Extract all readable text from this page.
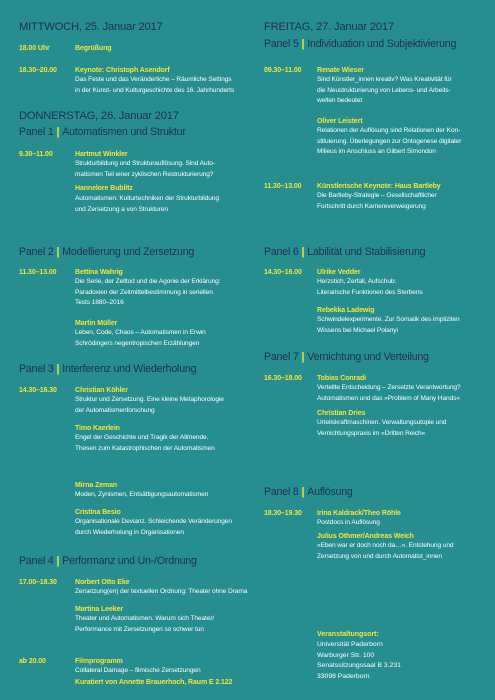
MITTWOCH, 25. Januar 2017
18.00 Uhr	Begrüßung
18.30–20.00	Keynote: Christoph Asendorf
Das Feste und das Veränderliche – Räumliche Settings
in der Kunst- und Kulturgeschichte des 16. Jahrhunderts
DONNERSTAG, 26. Januar 2017
Panel 1 | Automatismen und Struktur
9.30–11.00	Hartmut Winkler
Strukturbildung und Strukturauflösung. Sind Auto-
matismen Teil einer zyklischen Restrukturierung?
Hannelore Bublitz
Automatismen: Kulturtechniken der Strukturbildung
und Zersetzung a von Strukturen
Panel 2 | Modellierung und Zersetzung
11.30–13.00	Bettina Wahrig
Die Serie, der Zelltod und die Agonie der Erklärung:
Paradoxien der Zeitmittelbestimmung in seriellen
Tests 1880–2016
Martin Müller
Leben, Code, Chaos – Automatismen in Erwin
Schrödingers negentropischen Erzählungen
Panel 3 | Interferenz und Wiederholung
14.30–16.30	Christian Köhler
Struktur und Zersetzung. Eine kleine Metaphorologie
der Automatismenforschung
Timo Kaerlein
Engel der Geschichte und Tragik der Allmende.
Thesen zum Katastrophischen der Automatismen
Mirna Zeman
Moden, Zynismen, Entsättigungsautomatismen
Cristina Besio
Organisationale Devianz. Schleichende Veränderungen
durch Wiederholung in Organisationen
Panel 4 | Performanz und Un-/Ordnung
17.00–18.30	Norbert Otto Eke
Zersetzung(en) der textuellen Ordnung: Theater ohne Drama
Martina Leeker
Theater und Automatismen. Warum sich Theater/
Performance mit Zersetzungen so schwer tun
ab 20.00	Filmprogramm
Collateral Damage – filmische Zersetzungen
Kuratiert von Annette Brauerhoch, Raum E 2.122
FREITAG, 27. Januar 2017
Panel 5 | Individuation und Subjektivierung
09.30–11.00 Renate Wieser
Sind Künstler_innen kreativ? Was Kreativität für
die Neustrukturierung von Lebens- und Arbeits-
welten bedeutet
Oliver Leistert
Relationen der Auflösung sind Relationen der Kon-
stituierung. Überlegungen zur Ontogenese digitaler
Milieus im Anschluss an Gilbert Simondon
11.30–13.00 Künstlerische Keynote: Haus Bartleby
Die Bartleby-Strategie – Gesellschaftlicher
Fortschritt durch Karriereverweigerung
Panel 6 | Labilität und Stabilisierung
14.30–16.00 Ulrike Vedder
Herzstich, Zerfall, Aufschub:
Literarische Funktionen des Sterbens
Rebekka Ladewig
Schwindelexperimente. Zur Somatik des impliziten
Wissens bei Michael Polanyi
Panel 7 | Vernichtung und Verteilung
16.30–18.00 Tobias Conradi
Verteilte Entscheidung – Zersetzte Verantwortung?
Automatismen und das »Problem of Many Hands«
Christian Dries
Urteilskraftmaschinen. Verwaltungsutopie und
Vernichtungspraxis im »Dritten Reich«
Panel 8 | Auflösung
18.30–19.30 Irina Kaldrack/Theo Röhle
Postdocs in Auflösung
Julius Othmer/Andreas Weich
»Eben war er doch noch da…«. Entstehung und
Zersetzung von und durch Automatist_innen
Veranstaltungsort:
Universität Paderborn
Warburger Str. 100
Senatssitzungssaal B 3.231
33098 Paderborn
